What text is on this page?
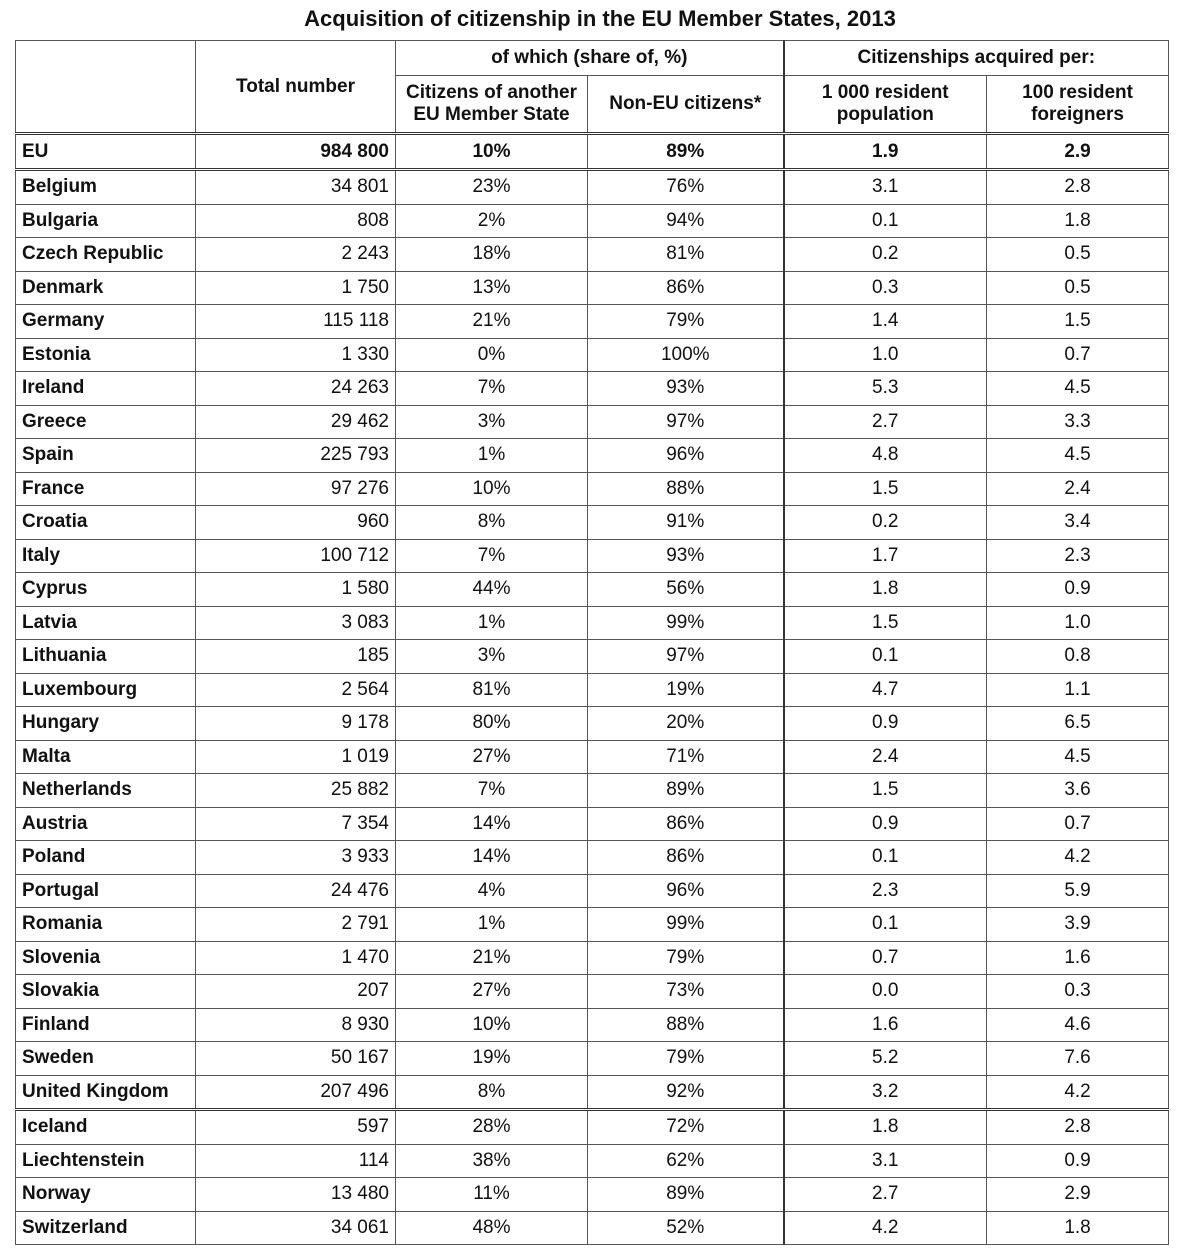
Acquisition of citizenship in the EU Member States, 2013
	Total number	of which (share of, %)		Citizenships acquired per:	
		Citizens of another EU Member State	Non-EU citizens*	1 000 resident population	100 resident foreigners
EU	984 800	10%	89%	1.9	2.9
Belgium	34 801	23%	76%	3.1	2.8
Bulgaria	808	2%	94%	0.1	1.8
Czech Republic	2 243	18%	81%	0.2	0.5
Denmark	1 750	13%	86%	0.3	0.5
Germany	115 118	21%	79%	1.4	1.5
Estonia	1 330	0%	100%	1.0	0.7
Ireland	24 263	7%	93%	5.3	4.5
Greece	29 462	3%	97%	2.7	3.3
Spain	225 793	1%	96%	4.8	4.5
France	97 276	10%	88%	1.5	2.4
Croatia	960	8%	91%	0.2	3.4
Italy	100 712	7%	93%	1.7	2.3
Cyprus	1 580	44%	56%	1.8	0.9
Latvia	3 083	1%	99%	1.5	1.0
Lithuania	185	3%	97%	0.1	0.8
Luxembourg	2 564	81%	19%	4.7	1.1
Hungary	9 178	80%	20%	0.9	6.5
Malta	1 019	27%	71%	2.4	4.5
Netherlands	25 882	7%	89%	1.5	3.6
Austria	7 354	14%	86%	0.9	0.7
Poland	3 933	14%	86%	0.1	4.2
Portugal	24 476	4%	96%	2.3	5.9
Romania	2 791	1%	99%	0.1	3.9
Slovenia	1 470	21%	79%	0.7	1.6
Slovakia	207	27%	73%	0.0	0.3
Finland	8 930	10%	88%	1.6	4.6
Sweden	50 167	19%	79%	5.2	7.6
United Kingdom	207 496	8%	92%	3.2	4.2
Iceland	597	28%	72%	1.8	2.8
Liechtenstein	114	38%	62%	3.1	0.9
Norway	13 480	11%	89%	2.7	2.9
Switzerland	34 061	48%	52%	4.2	1.8
